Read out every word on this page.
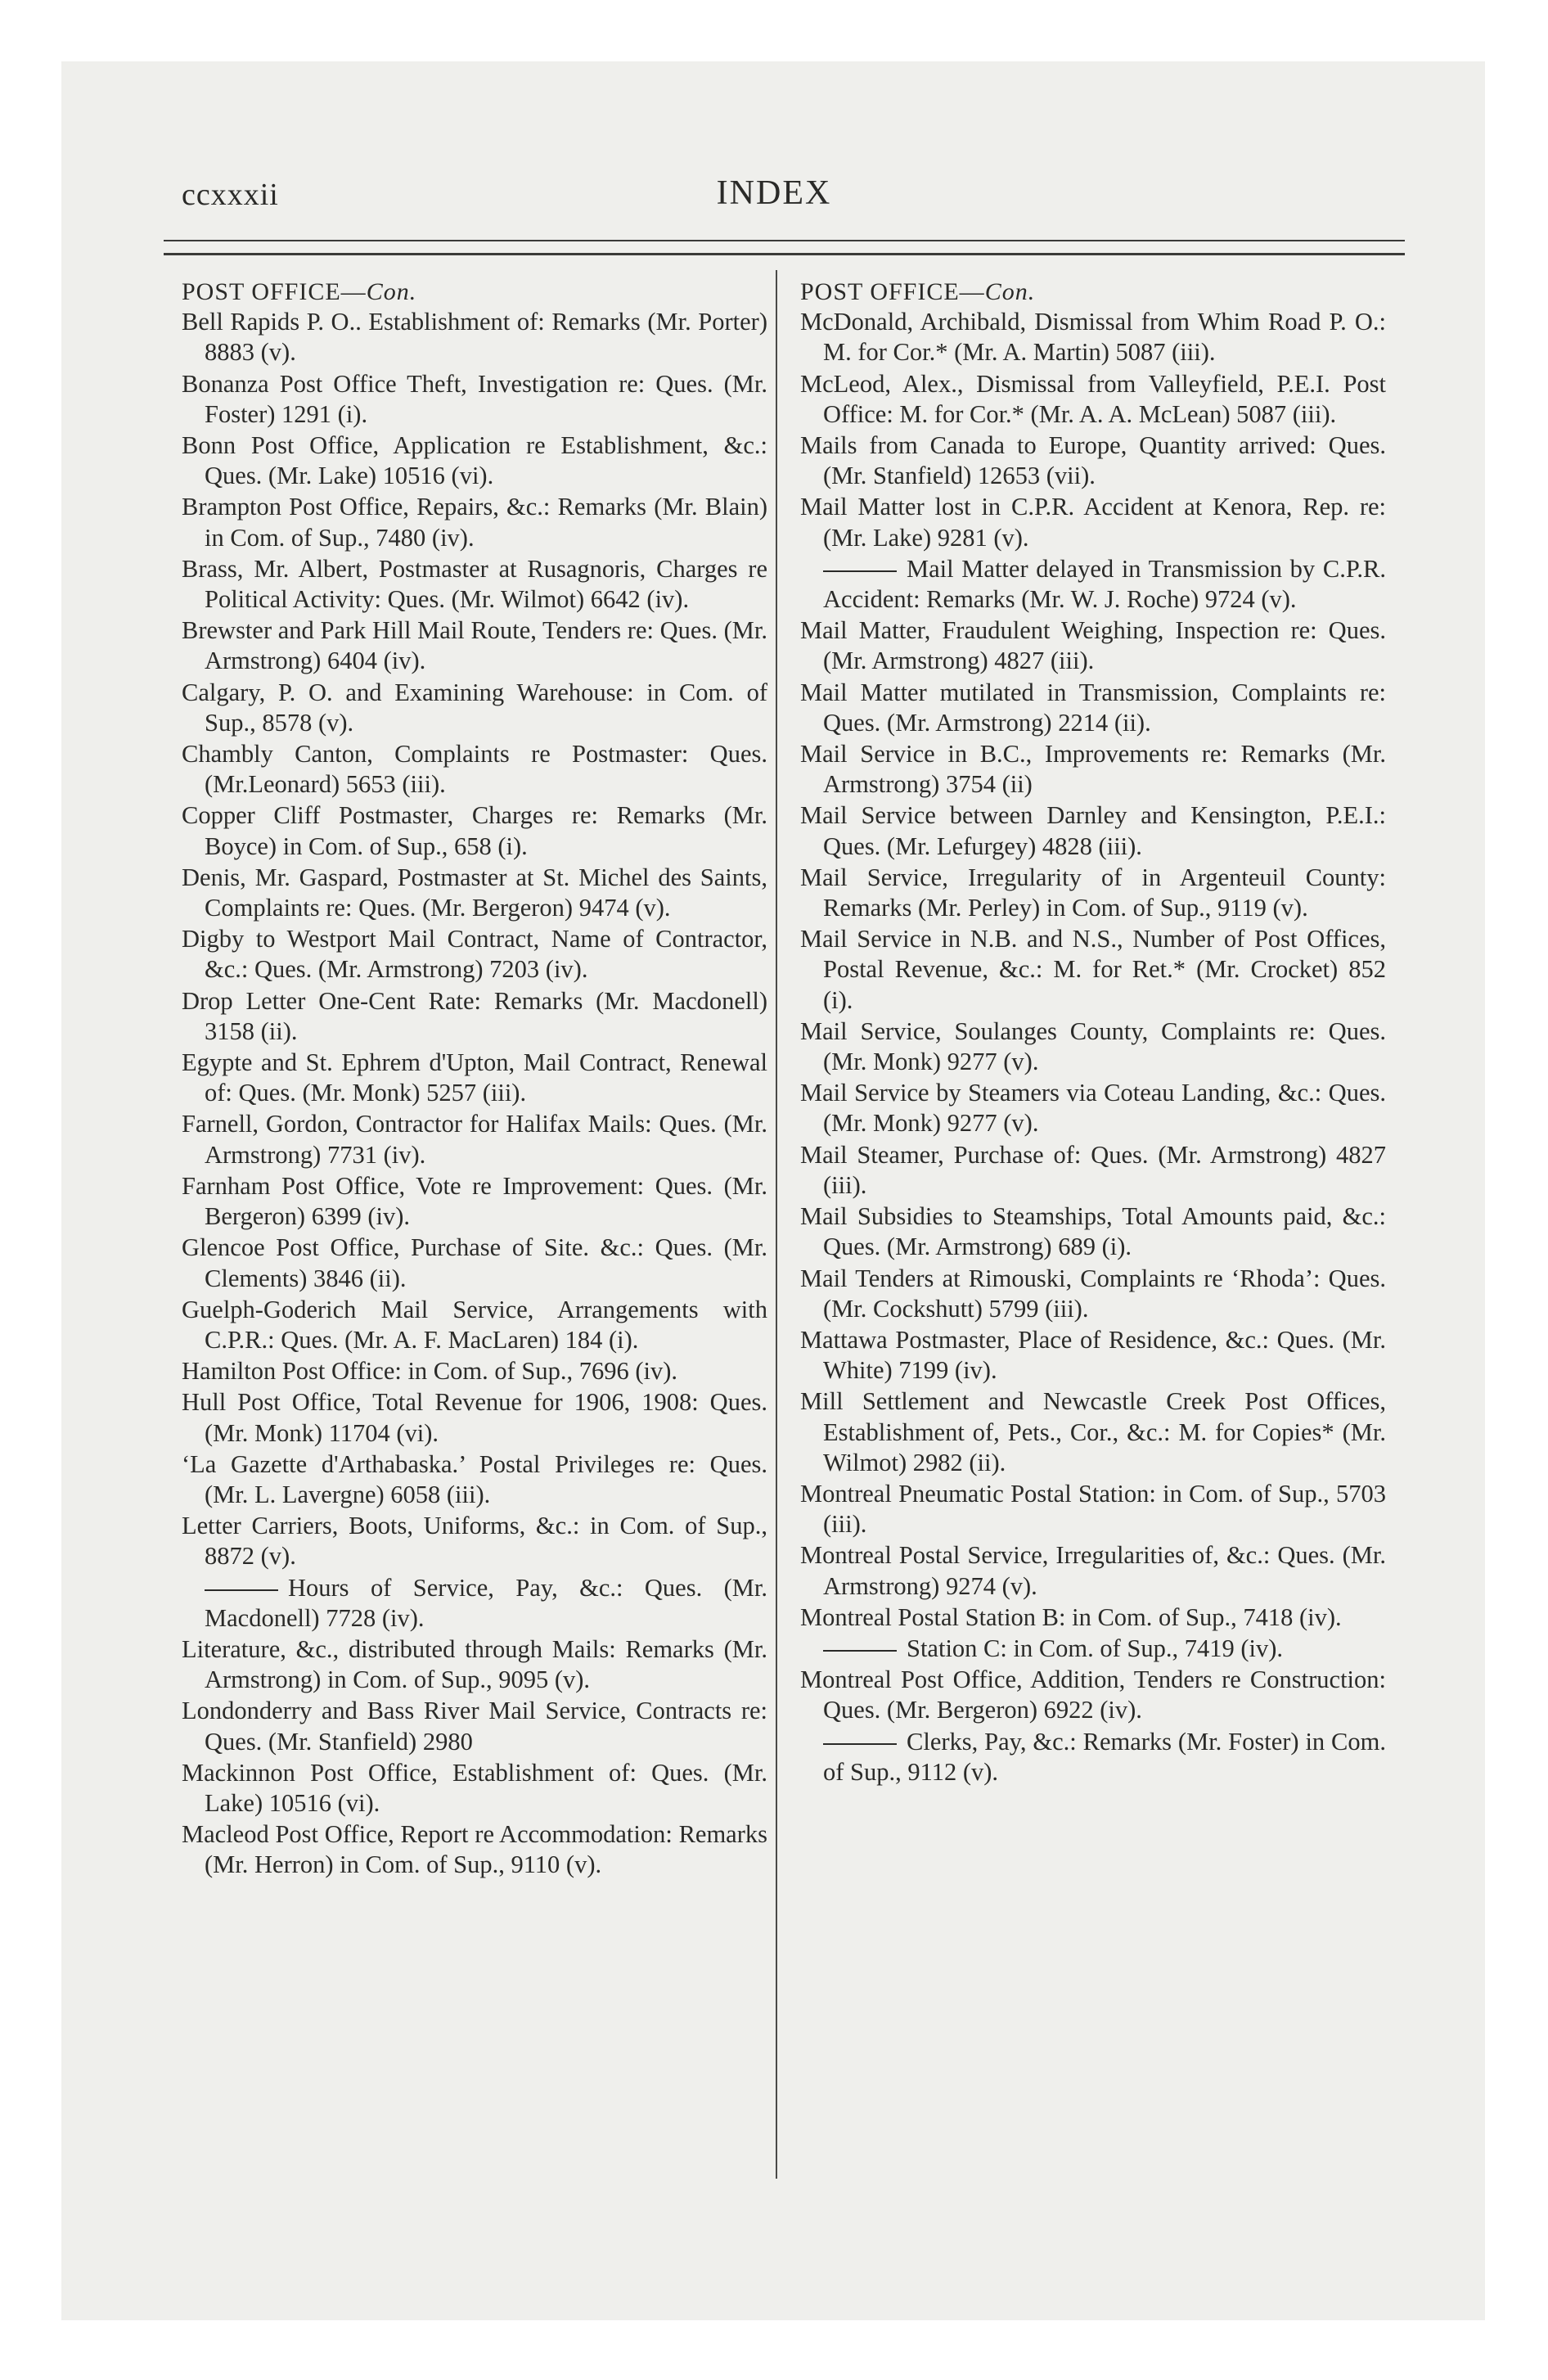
ccxxxii	INDEX
POST OFFICE—Con.
Bell Rapids P. O.. Establishment of: Remarks (Mr. Porter) 8883 (v).
Bonanza Post Office Theft, Investigation re: Ques. (Mr. Foster) 1291 (i).
Bonn Post Office, Application re Establishment, &c.: Ques. (Mr. Lake) 10516 (vi).
Brampton Post Office, Repairs, &c.: Remarks (Mr. Blain) in Com. of Sup., 7480 (iv).
Brass, Mr. Albert, Postmaster at Rusagnoris, Charges re Political Activity: Ques. (Mr. Wilmot) 6642 (iv).
Brewster and Park Hill Mail Route, Tenders re: Ques. (Mr. Armstrong) 6404 (iv).
Calgary, P. O. and Examining Warehouse: in Com. of Sup., 8578 (v).
Chambly Canton, Complaints re Postmaster: Ques. (Mr.Leonard) 5653 (iii).
Copper Cliff Postmaster, Charges re: Remarks (Mr. Boyce) in Com. of Sup., 658 (i).
Denis, Mr. Gaspard, Postmaster at St. Michel des Saints, Complaints re: Ques. (Mr. Bergeron) 9474 (v).
Digby to Westport Mail Contract, Name of Contractor, &c.: Ques. (Mr. Armstrong) 7203 (iv).
Drop Letter One-Cent Rate: Remarks (Mr. Macdonell) 3158 (ii).
Egypte and St. Ephrem d'Upton, Mail Contract, Renewal of: Ques. (Mr. Monk) 5257 (iii).
Farnell, Gordon, Contractor for Halifax Mails: Ques. (Mr. Armstrong) 7731 (iv).
Farnham Post Office, Vote re Improvement: Ques. (Mr. Bergeron) 6399 (iv).
Glencoe Post Office, Purchase of Site. &c.: Ques. (Mr. Clements) 3846 (ii).
Guelph-Goderich Mail Service, Arrangements with C.P.R.: Ques. (Mr. A. F. MacLaren) 184 (i).
Hamilton Post Office: in Com. of Sup., 7696 (iv).
Hull Post Office, Total Revenue for 1906, 1908: Ques. (Mr. Monk) 11704 (vi).
‘La Gazette d'Arthabaska.’ Postal Privileges re: Ques. (Mr. L. Lavergne) 6058 (iii).
Letter Carriers, Boots, Uniforms, &c.: in Com. of Sup., 8872 (v).
Hours of Service, Pay, &c.: Ques. (Mr. Macdonell) 7728 (iv).
Literature, &c., distributed through Mails: Remarks (Mr. Armstrong) in Com. of Sup., 9095 (v).
Londonderry and Bass River Mail Service, Contracts re: Ques. (Mr. Stanfield) 2980
Mackinnon Post Office, Establishment of: Ques. (Mr. Lake) 10516 (vi).
Macleod Post Office, Report re Accommodation: Remarks (Mr. Herron) in Com. of Sup., 9110 (v).
POST OFFICE—Con.
McDonald, Archibald, Dismissal from Whim Road P. O.: M. for Cor.* (Mr. A. Martin) 5087 (iii).
McLeod, Alex., Dismissal from Valleyfield, P.E.I. Post Office: M. for Cor.* (Mr. A. A. McLean) 5087 (iii).
Mails from Canada to Europe, Quantity arrived: Ques. (Mr. Stanfield) 12653 (vii).
Mail Matter lost in C.P.R. Accident at Kenora, Rep. re: (Mr. Lake) 9281 (v).
Mail Matter delayed in Transmission by C.P.R. Accident: Remarks (Mr. W. J. Roche) 9724 (v).
Mail Matter, Fraudulent Weighing, Inspection re: Ques. (Mr. Armstrong) 4827 (iii).
Mail Matter mutilated in Transmission, Complaints re: Ques. (Mr. Armstrong) 2214 (ii).
Mail Service in B.C., Improvements re: Remarks (Mr. Armstrong) 3754 (ii)
Mail Service between Darnley and Kensington, P.E.I.: Ques. (Mr. Lefurgey) 4828 (iii).
Mail Service, Irregularity of in Argenteuil County: Remarks (Mr. Perley) in Com. of Sup., 9119 (v).
Mail Service in N.B. and N.S., Number of Post Offices, Postal Revenue, &c.: M. for Ret.* (Mr. Crocket) 852 (i).
Mail Service, Soulanges County, Complaints re: Ques. (Mr. Monk) 9277 (v).
Mail Service by Steamers via Coteau Landing, &c.: Ques. (Mr. Monk) 9277 (v).
Mail Steamer, Purchase of: Ques. (Mr. Armstrong) 4827 (iii).
Mail Subsidies to Steamships, Total Amounts paid, &c.: Ques. (Mr. Armstrong) 689 (i).
Mail Tenders at Rimouski, Complaints re ‘Rhoda’: Ques. (Mr. Cockshutt) 5799 (iii).
Mattawa Postmaster, Place of Residence, &c.: Ques. (Mr. White) 7199 (iv).
Mill Settlement and Newcastle Creek Post Offices, Establishment of, Pets., Cor., &c.: M. for Copies* (Mr. Wilmot) 2982 (ii).
Montreal Pneumatic Postal Station: in Com. of Sup., 5703 (iii).
Montreal Postal Service, Irregularities of, &c.: Ques. (Mr. Armstrong) 9274 (v).
Montreal Postal Station B: in Com. of Sup., 7418 (iv).
Station C: in Com. of Sup., 7419 (iv).
Montreal Post Office, Addition, Tenders re Construction: Ques. (Mr. Bergeron) 6922 (iv).
Clerks, Pay, &c.: Remarks (Mr. Foster) in Com. of Sup., 9112 (v).
